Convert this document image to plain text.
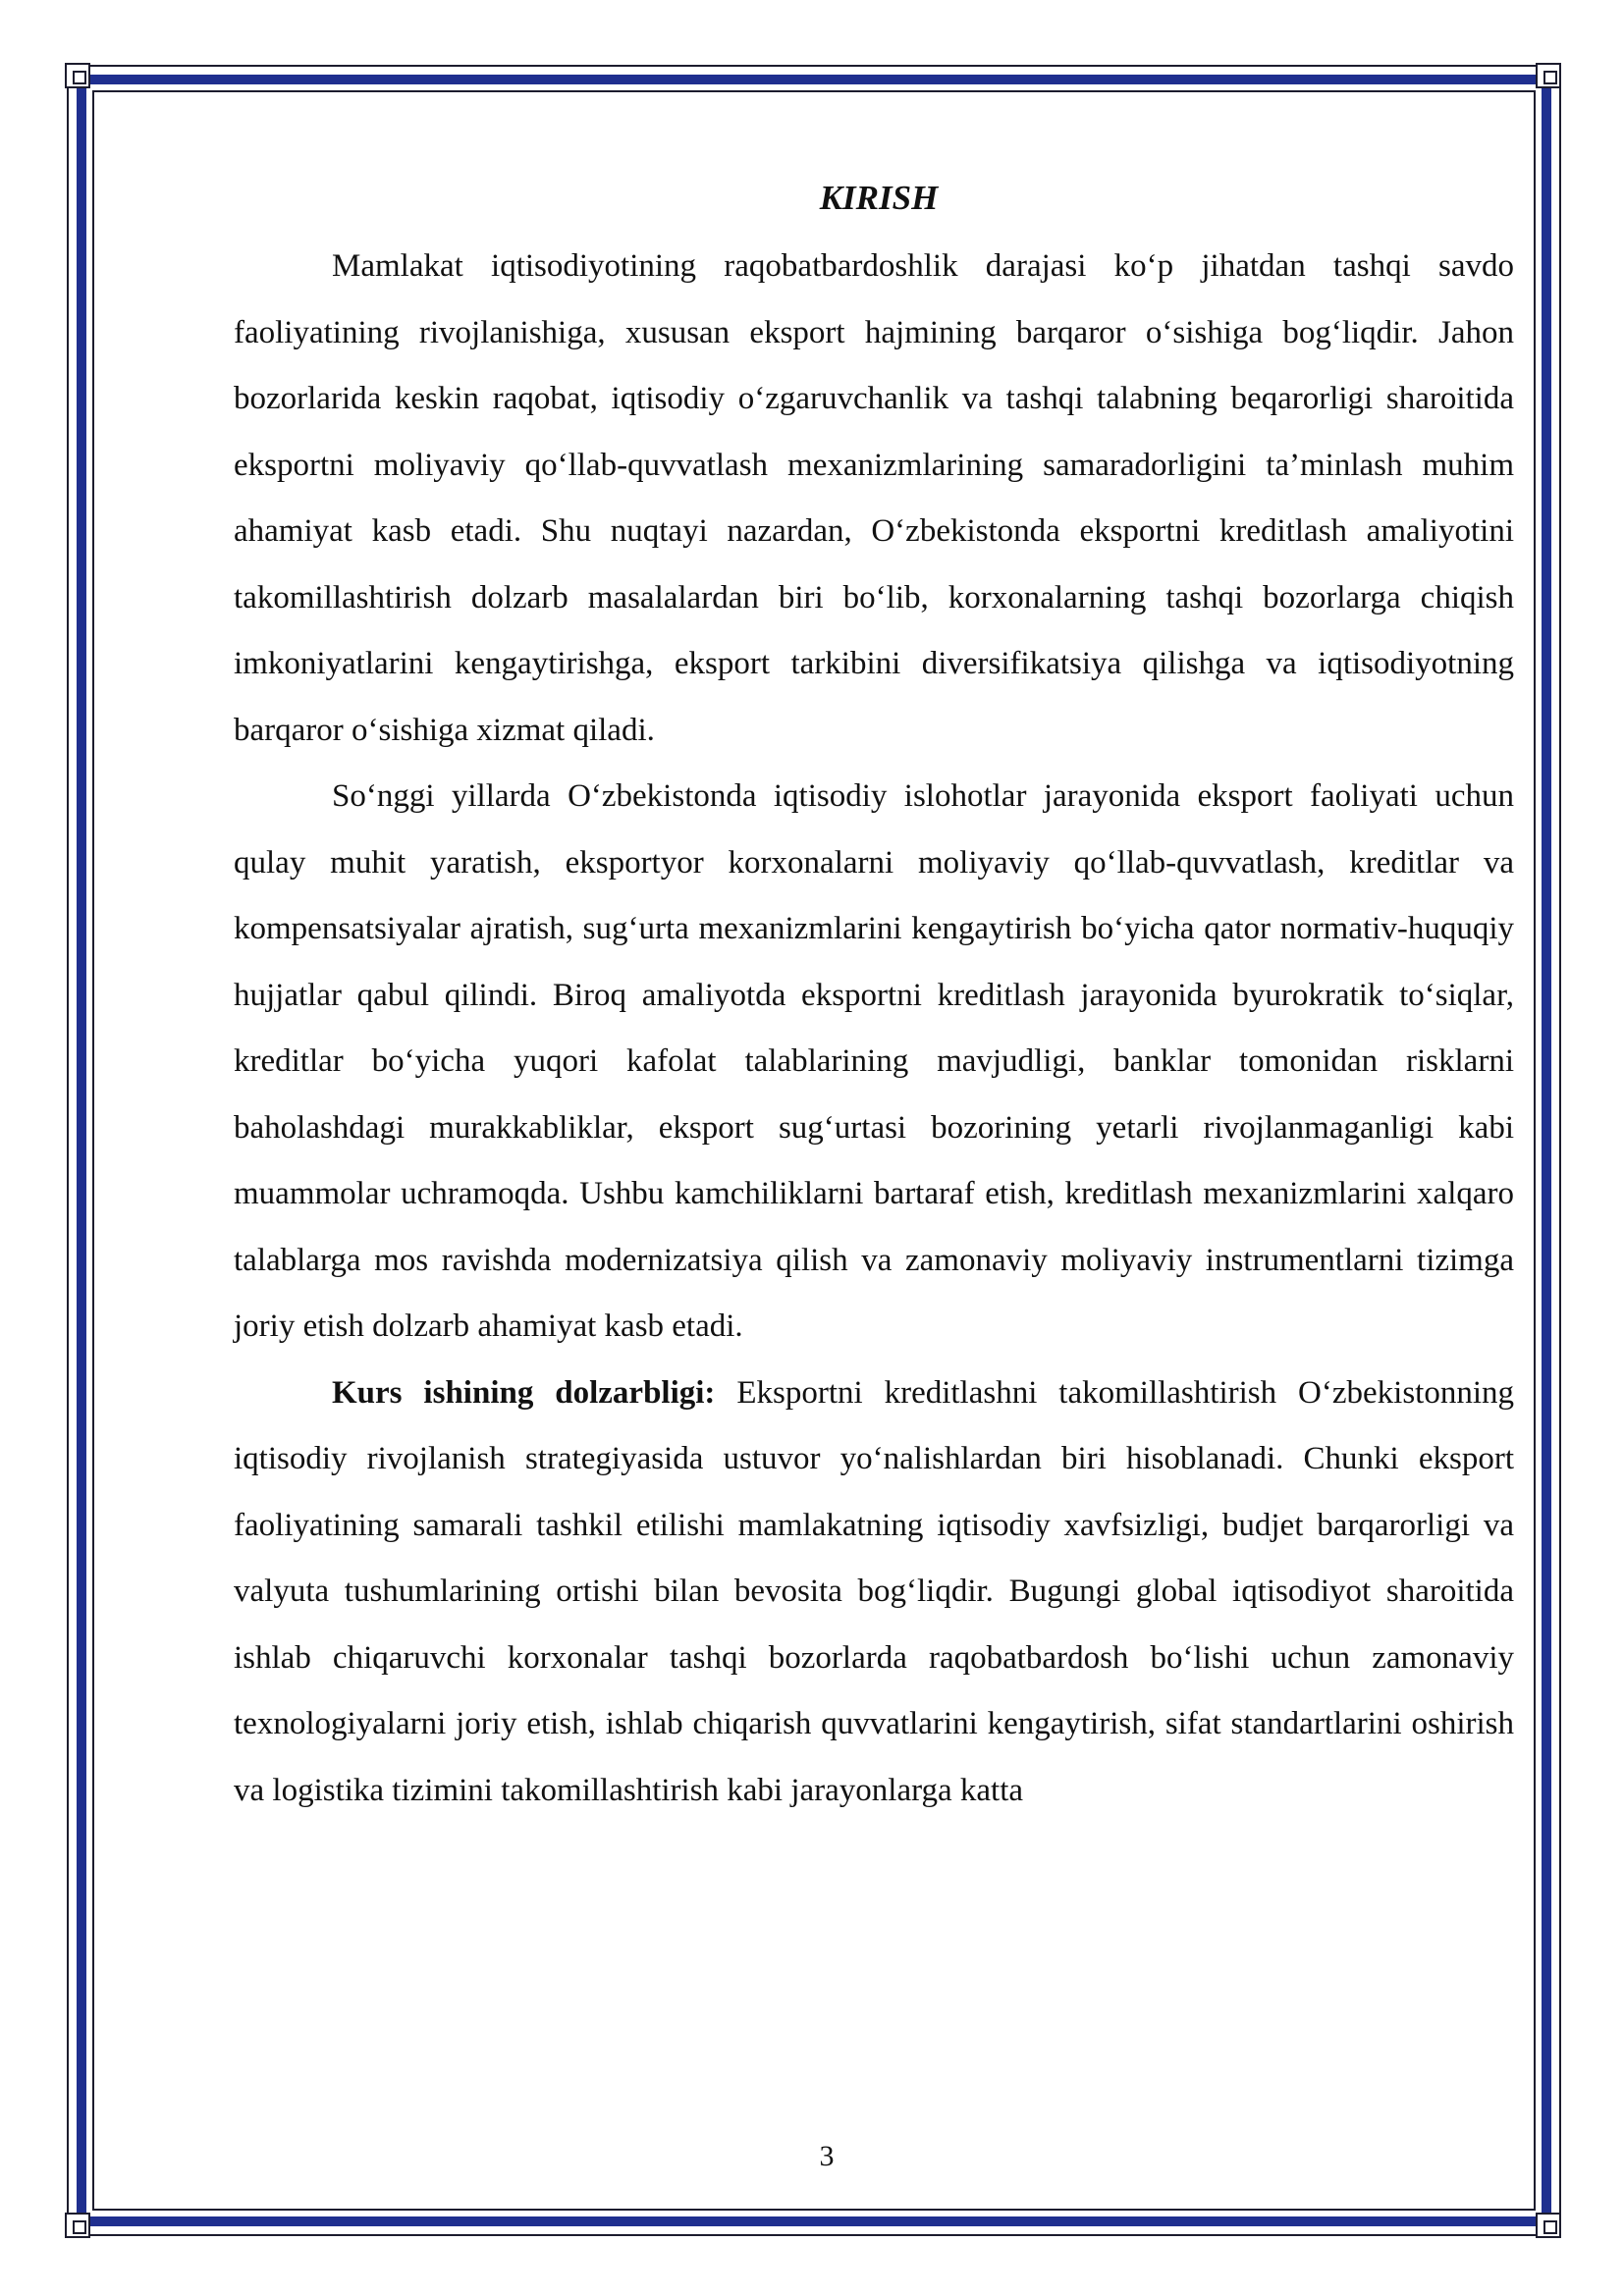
KIRISH

Mamlakat iqtisodiyotining raqobatbardoshlik darajasi ko‘p jihatdan tashqi savdo faoliyatining rivojlanishiga, xususan eksport hajmining barqaror o‘sishiga bog‘liqdir. Jahon bozorlarida keskin raqobat, iqtisodiy o‘zgaruvchanlik va tashqi talabning beqarorligi sharoitida eksportni moliyaviy qo‘llab-quvvatlash mexanizmlarining samaradorligini ta’minlash muhim ahamiyat kasb etadi. Shu nuqtayi nazardan, O‘zbekistonda eksportni kreditlash amaliyotini takomillashtirish dolzarb masalalardan biri bo‘lib, korxonalarning tashqi bozorlarga chiqish imkoniyatlarini kengaytirishga, eksport tarkibini diversifikatsiya qilishga va iqtisodiyotning barqaror o‘sishiga xizmat qiladi.

So‘nggi yillarda O‘zbekistonda iqtisodiy islohotlar jarayonida eksport faoliyati uchun qulay muhit yaratish, eksportyor korxonalarni moliyaviy qo‘llab-quvvatlash, kreditlar va kompensatsiyalar ajratish, sug‘urta mexanizmlarini kengaytirish bo‘yicha qator normativ-huquqiy hujjatlar qabul qilindi. Biroq amaliyotda eksportni kreditlash jarayonida byurokratik to‘siqlar, kreditlar bo‘yicha yuqori kafolat talablarining mavjudligi, banklar tomonidan risklarni baholashdagi murakkabliklar, eksport sug‘urtasi bozorining yetarli rivojlanmaganligi kabi muammolar uchramoqda. Ushbu kamchiliklarni bartaraf etish, kreditlash mexanizmlarini xalqaro talablarga mos ravishda modernizatsiya qilish va zamonaviy moliyaviy instrumentlarni tizimga joriy etish dolzarb ahamiyat kasb etadi.

Kurs ishining dolzarbligi: Eksportni kreditlashni takomillashtirish O‘zbekistonning iqtisodiy rivojlanish strategiyasida ustuvor yo‘nalishlardan biri hisoblanadi. Chunki eksport faoliyatining samarali tashkil etilishi mamlakatning iqtisodiy xavfsizligi, budjet barqarorligi va valyuta tushumlarining ortishi bilan bevosita bog‘liqdir. Bugungi global iqtisodiyot sharoitida ishlab chiqaruvchi korxonalar tashqi bozorlarda raqobatbardosh bo‘lishi uchun zamonaviy texnologiyalarni joriy etish, ishlab chiqarish quvvatlarini kengaytirish, sifat standartlarini oshirish va logistika tizimini takomillashtirish kabi jarayonlarga katta

3
